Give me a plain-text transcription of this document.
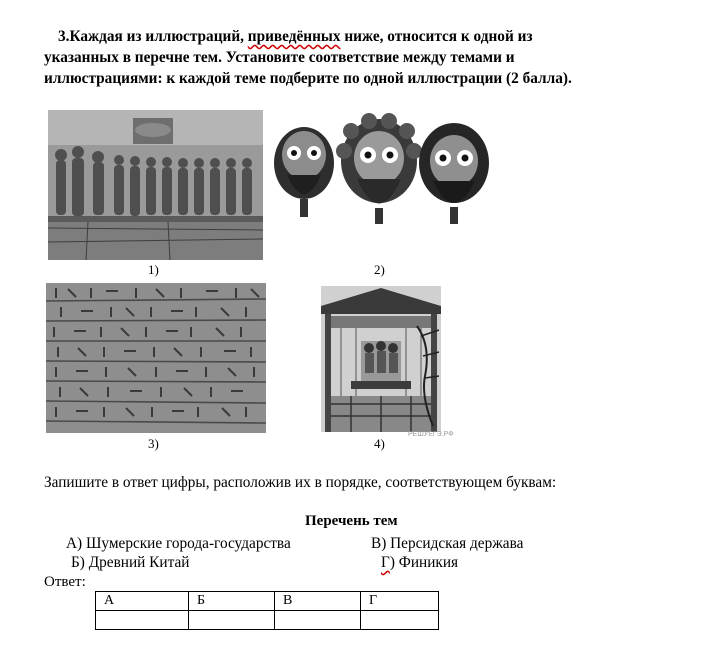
3.Каждая из иллюстраций, приведённых ниже, относится к одной из
указанных в перечне тем. Установите соответствие между темами и
иллюстрациями: к каждой теме подберите по одной иллюстрации (2 балла).
1)	2)
3)
РЕШУЕГЭ.РФ
4)
Запишите в ответ цифры, расположив их в порядке, соответствующем буквам:
Перечень тем
А) Шумерские города-государства	В) Персидская держава
Б) Древний Китай	Г) Финикия
Ответ:
А	Б	В	Г
